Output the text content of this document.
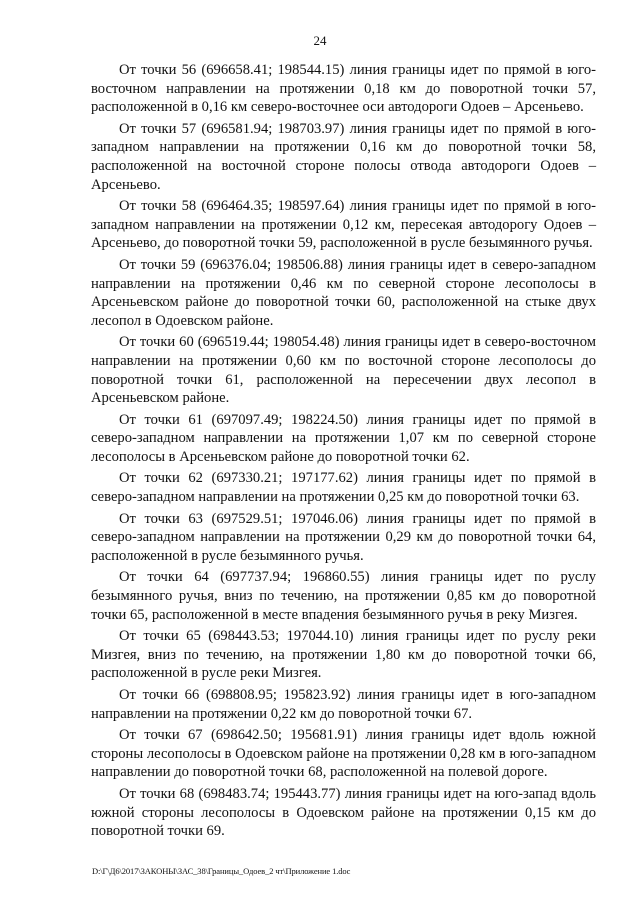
24

От точки 56 (696658.41; 198544.15) линия границы идет по прямой в юго-восточном направлении на протяжении 0,18 км до поворотной точки 57, расположенной в 0,16 км северо-восточнее оси автодороги Одоев – Арсеньево.

От точки 57 (696581.94; 198703.97) линия границы идет по прямой в юго-западном направлении на протяжении 0,16 км до поворотной точки 58, расположенной на восточной стороне полосы отвода автодороги Одоев – Арсеньево.

От точки 58 (696464.35; 198597.64) линия границы идет по прямой в юго-западном направлении на протяжении 0,12 км, пересекая автодорогу Одоев – Арсеньево, до поворотной точки 59, расположенной в русле безымянного ручья.

От точки 59 (696376.04; 198506.88) линия границы идет в северо-западном направлении на протяжении 0,46 км по северной стороне лесополосы в Арсеньевском районе до поворотной точки 60, расположенной на стыке двух лесопол в Одоевском районе.

От точки 60 (696519.44; 198054.48) линия границы идет в северо-восточном направлении на протяжении 0,60 км по восточной стороне лесополосы до поворотной точки 61, расположенной на пересечении двух лесопол в Арсеньевском районе.

От точки 61 (697097.49; 198224.50) линия границы идет по прямой в северо-западном направлении на протяжении 1,07 км по северной стороне лесополосы в Арсеньевском районе до поворотной точки 62.

От точки 62 (697330.21; 197177.62) линия границы идет по прямой в северо-западном направлении на протяжении 0,25 км до поворотной точки 63.

От точки 63 (697529.51; 197046.06) линия границы идет по прямой в северо-западном направлении на протяжении 0,29 км до поворотной точки 64, расположенной в русле безымянного ручья.

От точки 64 (697737.94; 196860.55) линия границы идет по руслу безымянного ручья, вниз по течению, на протяжении 0,85 км до поворотной точки 65, расположенной в месте впадения безымянного ручья в реку Мизгея.

От точки 65 (698443.53; 197044.10) линия границы идет по руслу реки Мизгея, вниз по течению, на протяжении 1,80 км до поворотной точки 66, расположенной в русле реки Мизгея.

От точки 66 (698808.95; 195823.92) линия границы идет в юго-западном направлении на протяжении 0,22 км до поворотной точки 67.

От точки 67 (698642.50; 195681.91) линия границы идет вдоль южной стороны лесополосы в Одоевском районе на протяжении 0,28 км в юго-западном направлении до поворотной точки 68, расположенной на полевой дороге.

От точки 68 (698483.74; 195443.77) линия границы идет на юго-запад вдоль южной стороны лесополосы в Одоевском районе на протяжении 0,15 км до поворотной точки 69.

D:\Г\Д6\2017\ЗАКОНЫ\ЗАС_38\Границы_Одоев_2 чт\Приложение 1.doc
